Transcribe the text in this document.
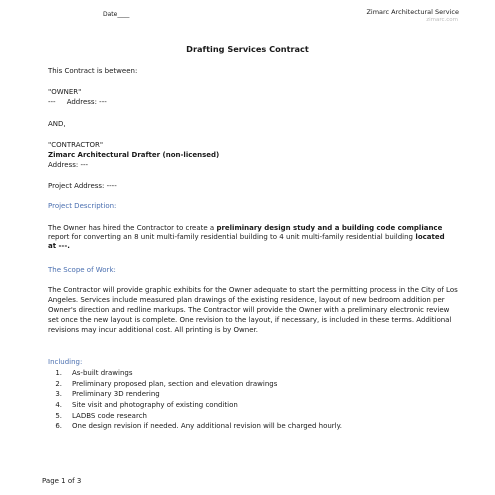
Date____	Zimarc Architectural Service
zimarc.com
Drafting Services Contract
This Contract is between:
"OWNER"
---     Address: ---
AND,
"CONTRACTOR"
Zimarc Architectural Drafter (non-licensed)
Address: ---
Project Address: ----
Project Description:
The Owner has hired the Contractor to create a preliminary design study and a building code compliance report for converting an 8 unit multi-family residential building to 4 unit multi-family residential building located at ---.
The Scope of Work:
The Contractor will provide graphic exhibits for the Owner adequate to start the permitting process in the City of Los Angeles. Services include measured plan drawings of the existing residence, layout of new bedroom addition per Owner's direction and redline markups. The Contractor will provide the Owner with a preliminary electronic review set once the new layout is complete. One revision to the layout, if necessary, is included in these terms. Additional revisions may incur additional cost. All printing is by Owner.
Including:
1. As-built drawings
2. Preliminary proposed plan, section and elevation drawings
3. Preliminary 3D rendering
4. Site visit and photography of existing condition
5. LADBS code research
6. One design revision if needed. Any additional revision will be charged hourly.
Page 1 of 3
